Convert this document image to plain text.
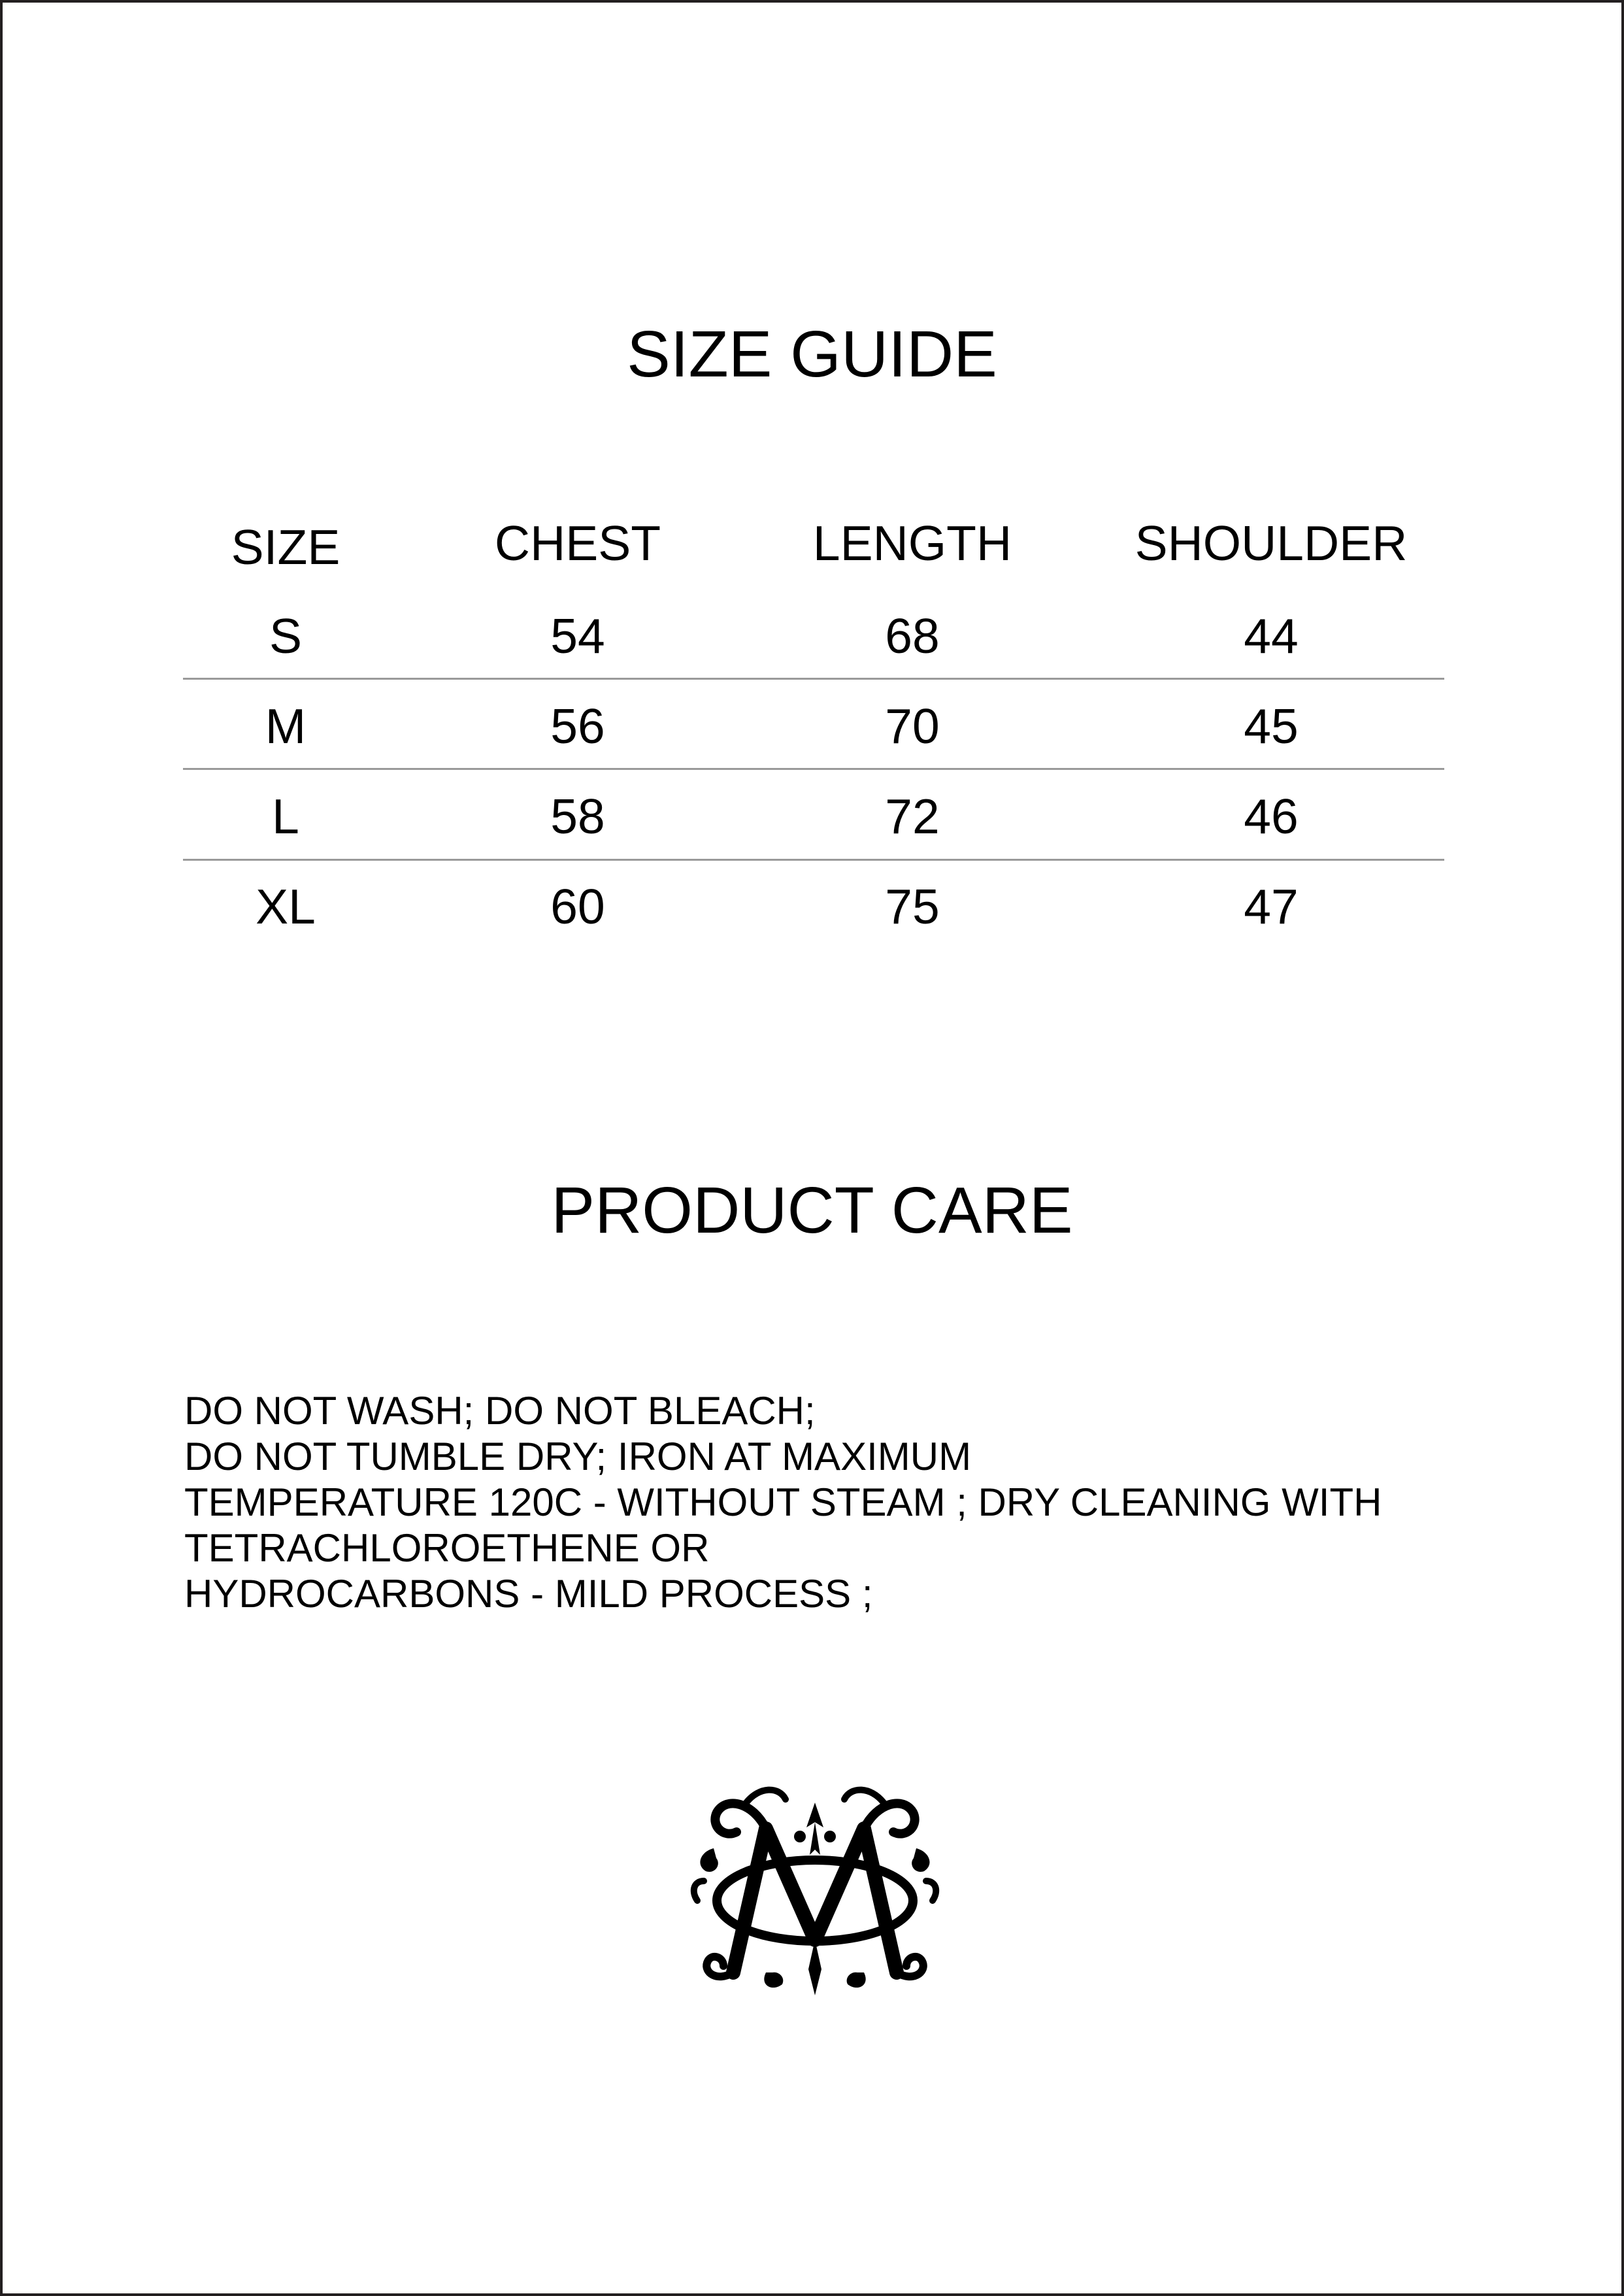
SIZE GUIDE
SIZE	CHEST	LENGTH	SHOULDER
S	54	68	44
M	56	70	45
L	58	72	46
XL	60	75	47
PRODUCT CARE

DO NOT WASH; DO NOT BLEACH;
DO NOT TUMBLE DRY; IRON AT MAXIMUM
TEMPERATURE 120C - WITHOUT STEAM ; DRY CLEANING WITH
TETRACHLOROETHENE OR
HYDROCARBONS - MILD PROCESS ;
